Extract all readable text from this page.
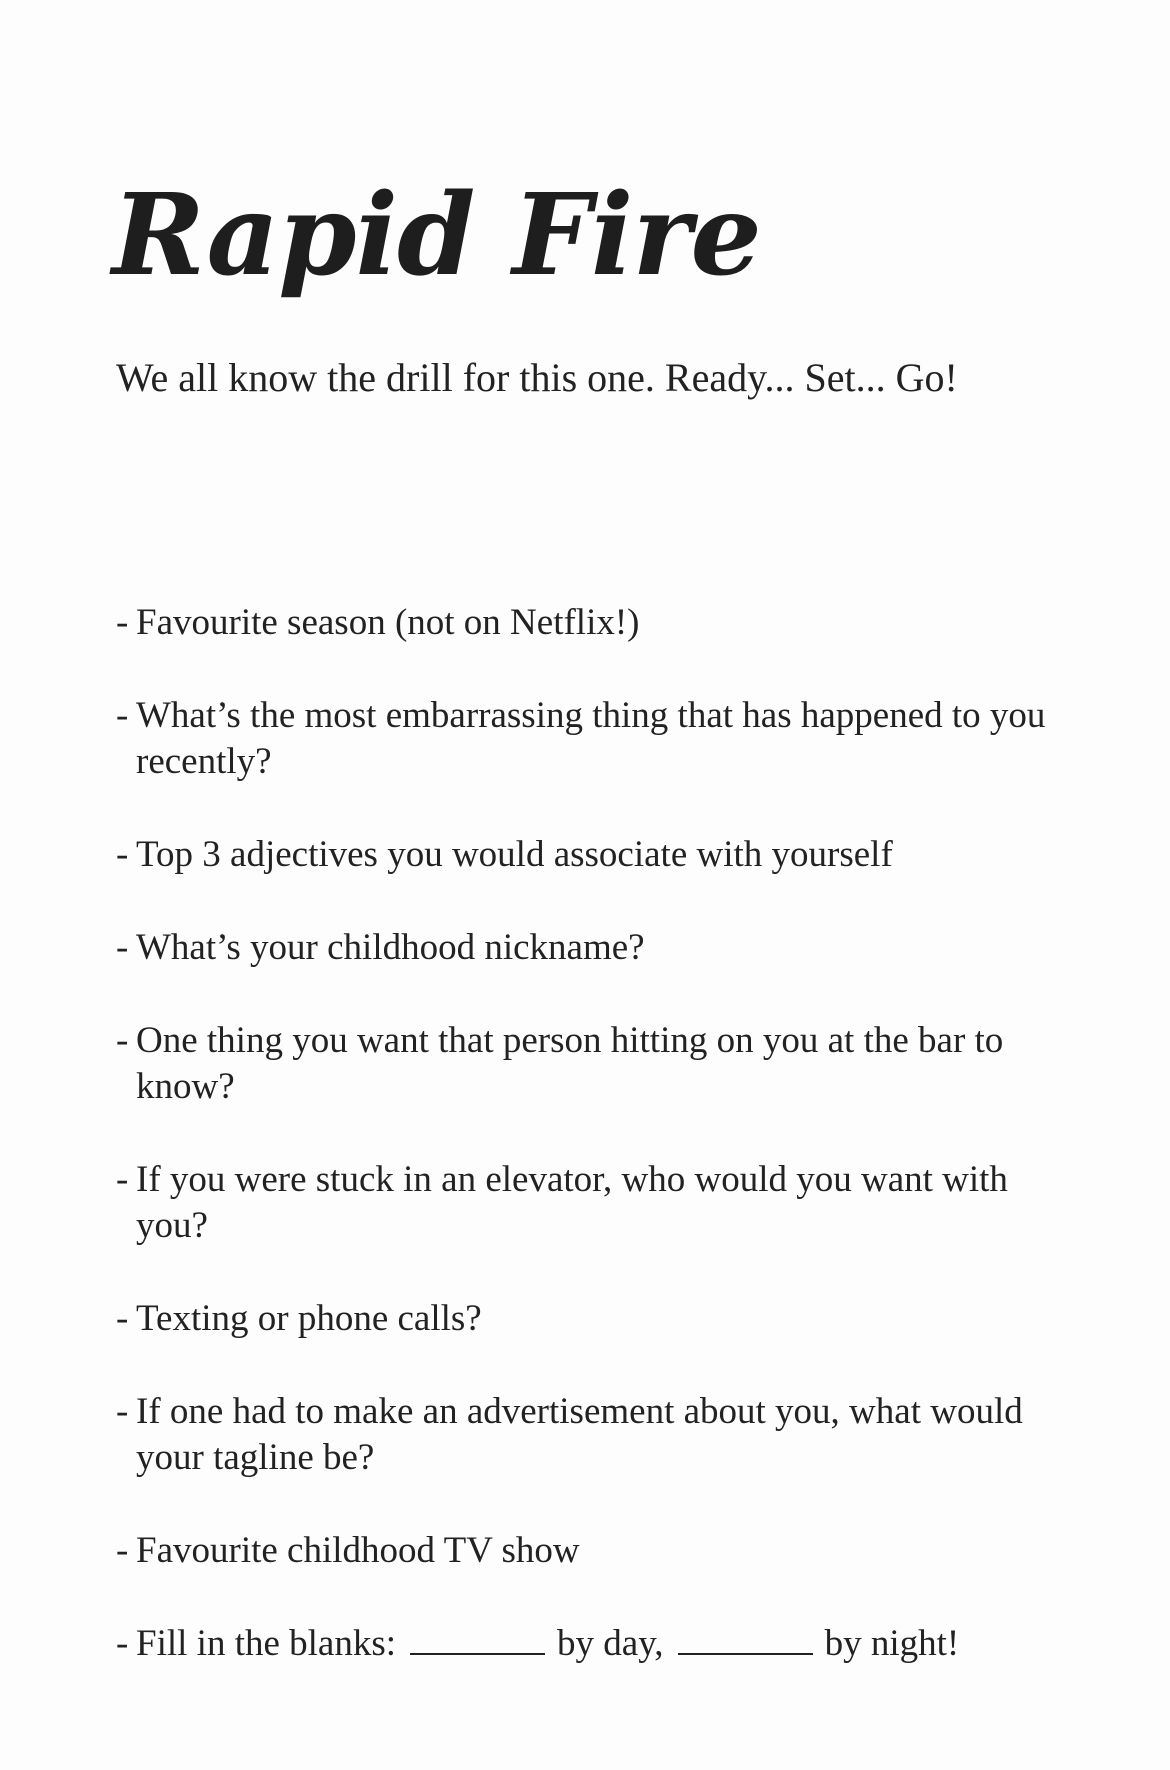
Rapid Fire

We all know the drill for this one. Ready... Set... Go!

- Favourite season (not on Netflix!)
- What’s the most embarrassing thing that has happened to you recently?
- Top 3 adjectives you would associate with yourself
- What’s your childhood nickname?
- One thing you want that person hitting on you at the bar to know?
- If you were stuck in an elevator, who would you want with you?
- Texting or phone calls?
- If one had to make an advertisement about you, what would your tagline be?
- Favourite childhood TV show
- Fill in the blanks:	by day,	by night!
